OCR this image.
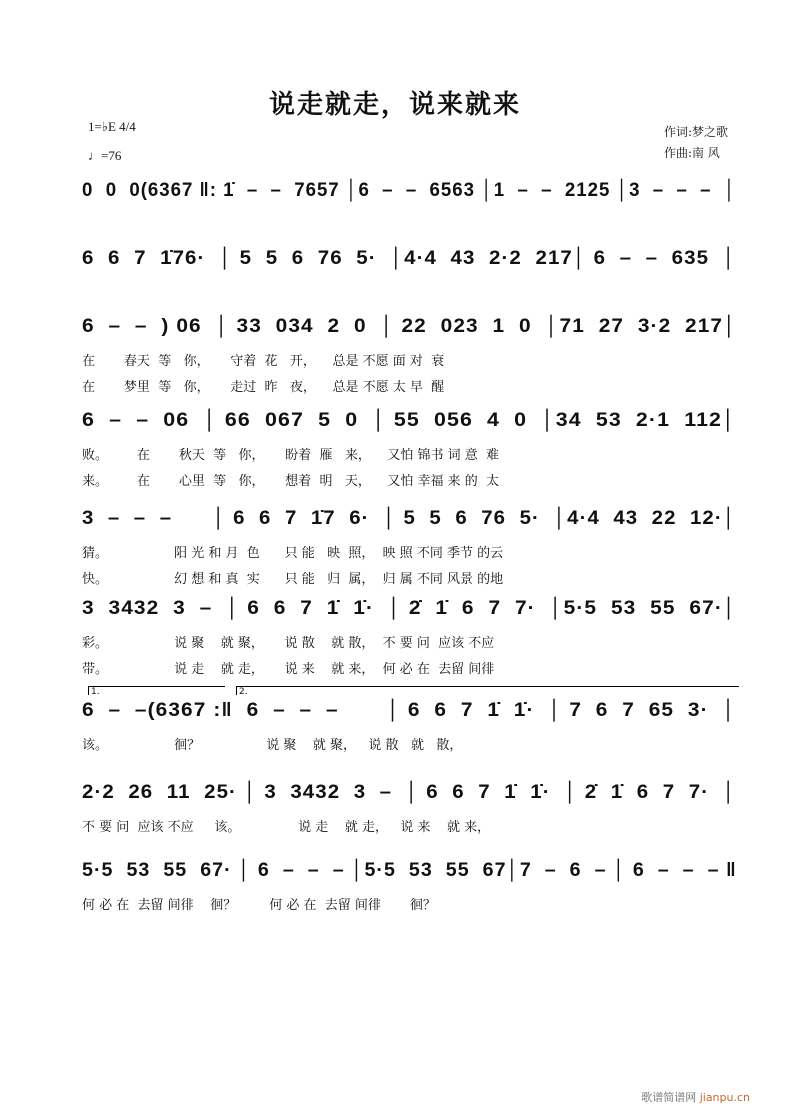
说走就走，说来就来
1=♭E 4/4
♩=76
作词:梦之歌
作曲:南 风
0  0  0(6367 ‖: 1̇  –  –  7657 │6  –  –  6563 │1  –  –  2125 │3  –  –  –  │
6  6  7  1̇76·  │ 5  5  6  76  5·  │4·4  43  2·2  217│ 6  –  –  635  │
6  –  –  ) 06  │ 33  034  2  0  │ 22  023  1  0  │71  27  3·2  217│
在       春天  等   你，     守着  花   开，    总是 不愿 面 对  衰
在       梦里  等   你，     走过  昨   夜，    总是 不愿 太 早  醒
6  –  –  06  │ 66  067  5  0  │ 55  056  4  0  │34  53  2·1  112│
败。       在       秋天  等   你，     盼着  雁   来，    又怕 锦书 词 意  难
来。       在       心里  等   你，     想着  明   天，    又怕 幸福 来 的  太
3  –  –  –      │ 6  6  7  1̇7  6·  │ 5  5  6  76  5·  │4·4  43  22  12·│
猜。                阳 光 和 月  色      只 能   映  照，  映 照 不同 季节 的云
快。                幻 想 和 真  实      只 能   归  属，  归 属 不同 风景 的地
3  3432  3  –  │ 6  6  7  1̇  1̇·  │ 2̇  1̇  6  7  7·  │5·5  53  55  67·│
彩。                说 聚    就 聚，     说 散    就 散，  不 要 问  应该 不应
带。                说 走    就 走，     说 来    就 来，  何 必 在  去留 间徘
6  –  –(6367 :‖  6  –  –  –       │ 6  6  7  1̇  1̇·  │ 7  6  7  65  3·  │
该。                徊？                说 聚    就 聚，   说 散   就   散，
1.	2.
2·2  26  11  25· │ 3  3432  3  –  │ 6  6  7  1̇  1̇·  │ 2̇  1̇  6  7  7·  │
不 要 问  应该 不应     该。              说 走    就 走，   说 来    就 来，
5·5  53  55  67· │ 6  –  –  – │5·5  53  55  67│7  –  6  – │ 6  –  –  – ‖
何 必 在  去留 间徘    徊？        何 必 在  去留 间徘       徊？
歌谱简谱网 jianpu.cn
